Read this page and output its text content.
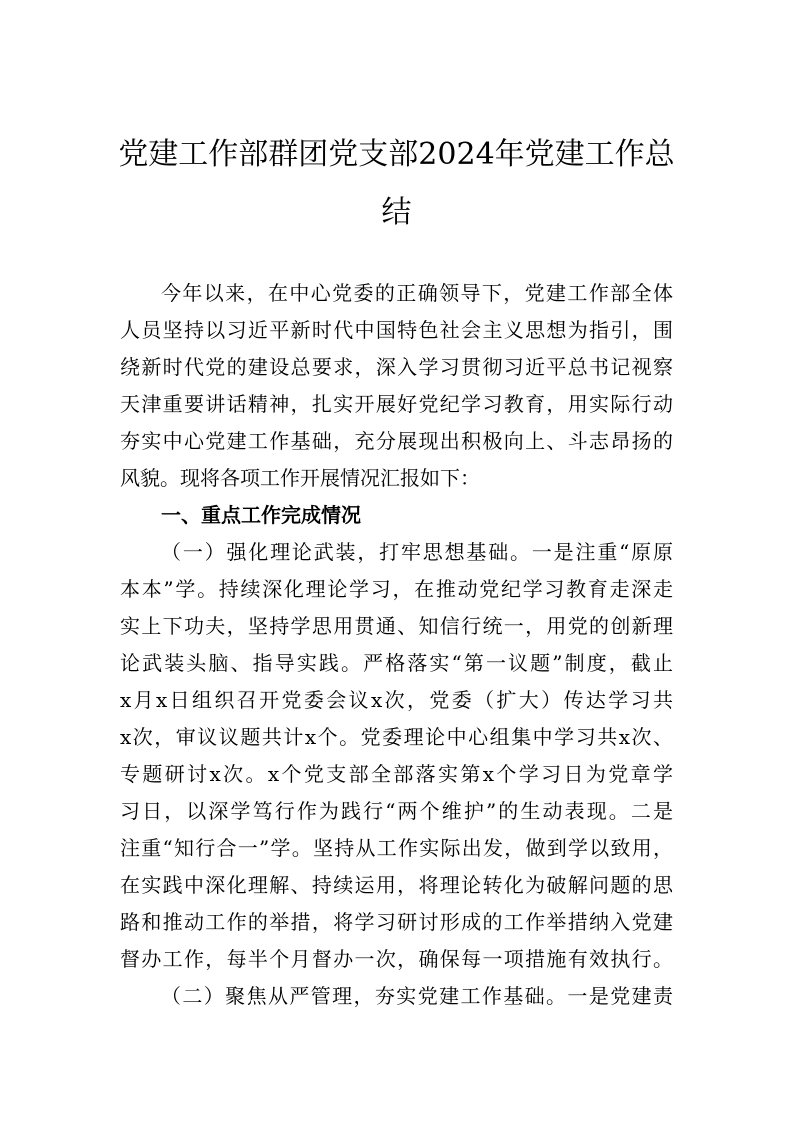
党建工作部群团党支部2024年党建工作总
结
今年以来，在中心党委的正确领导下，党建工作部全体
人员坚持以习近平新时代中国特色社会主义思想为指引，围
绕新时代党的建设总要求，深入学习贯彻习近平总书记视察
天津重要讲话精神，扎实开展好党纪学习教育，用实际行动
夯实中心党建工作基础，充分展现出积极向上、斗志昂扬的
风貌。现将各项工作开展情况汇报如下：
一、重点工作完成情况
（一）强化理论武装，打牢思想基础。一是注重“原原
本本”学。持续深化理论学习，在推动党纪学习教育走深走
实上下功夫，坚持学思用贯通、知信行统一，用党的创新理
论武装头脑、指导实践。严格落实“第一议题”制度，截止
x月x日组织召开党委会议x次，党委（扩大）传达学习共
x次，审议议题共计x个。党委理论中心组集中学习共x次、
专题研讨x次。x个党支部全部落实第x个学习日为党章学
习日，以深学笃行作为践行“两个维护”的生动表现。二是
注重“知行合一”学。坚持从工作实际出发，做到学以致用，
在实践中深化理解、持续运用，将理论转化为破解问题的思
路和推动工作的举措，将学习研讨形成的工作举措纳入党建
督办工作，每半个月督办一次，确保每一项措施有效执行。
（二）聚焦从严管理，夯实党建工作基础。一是党建责
